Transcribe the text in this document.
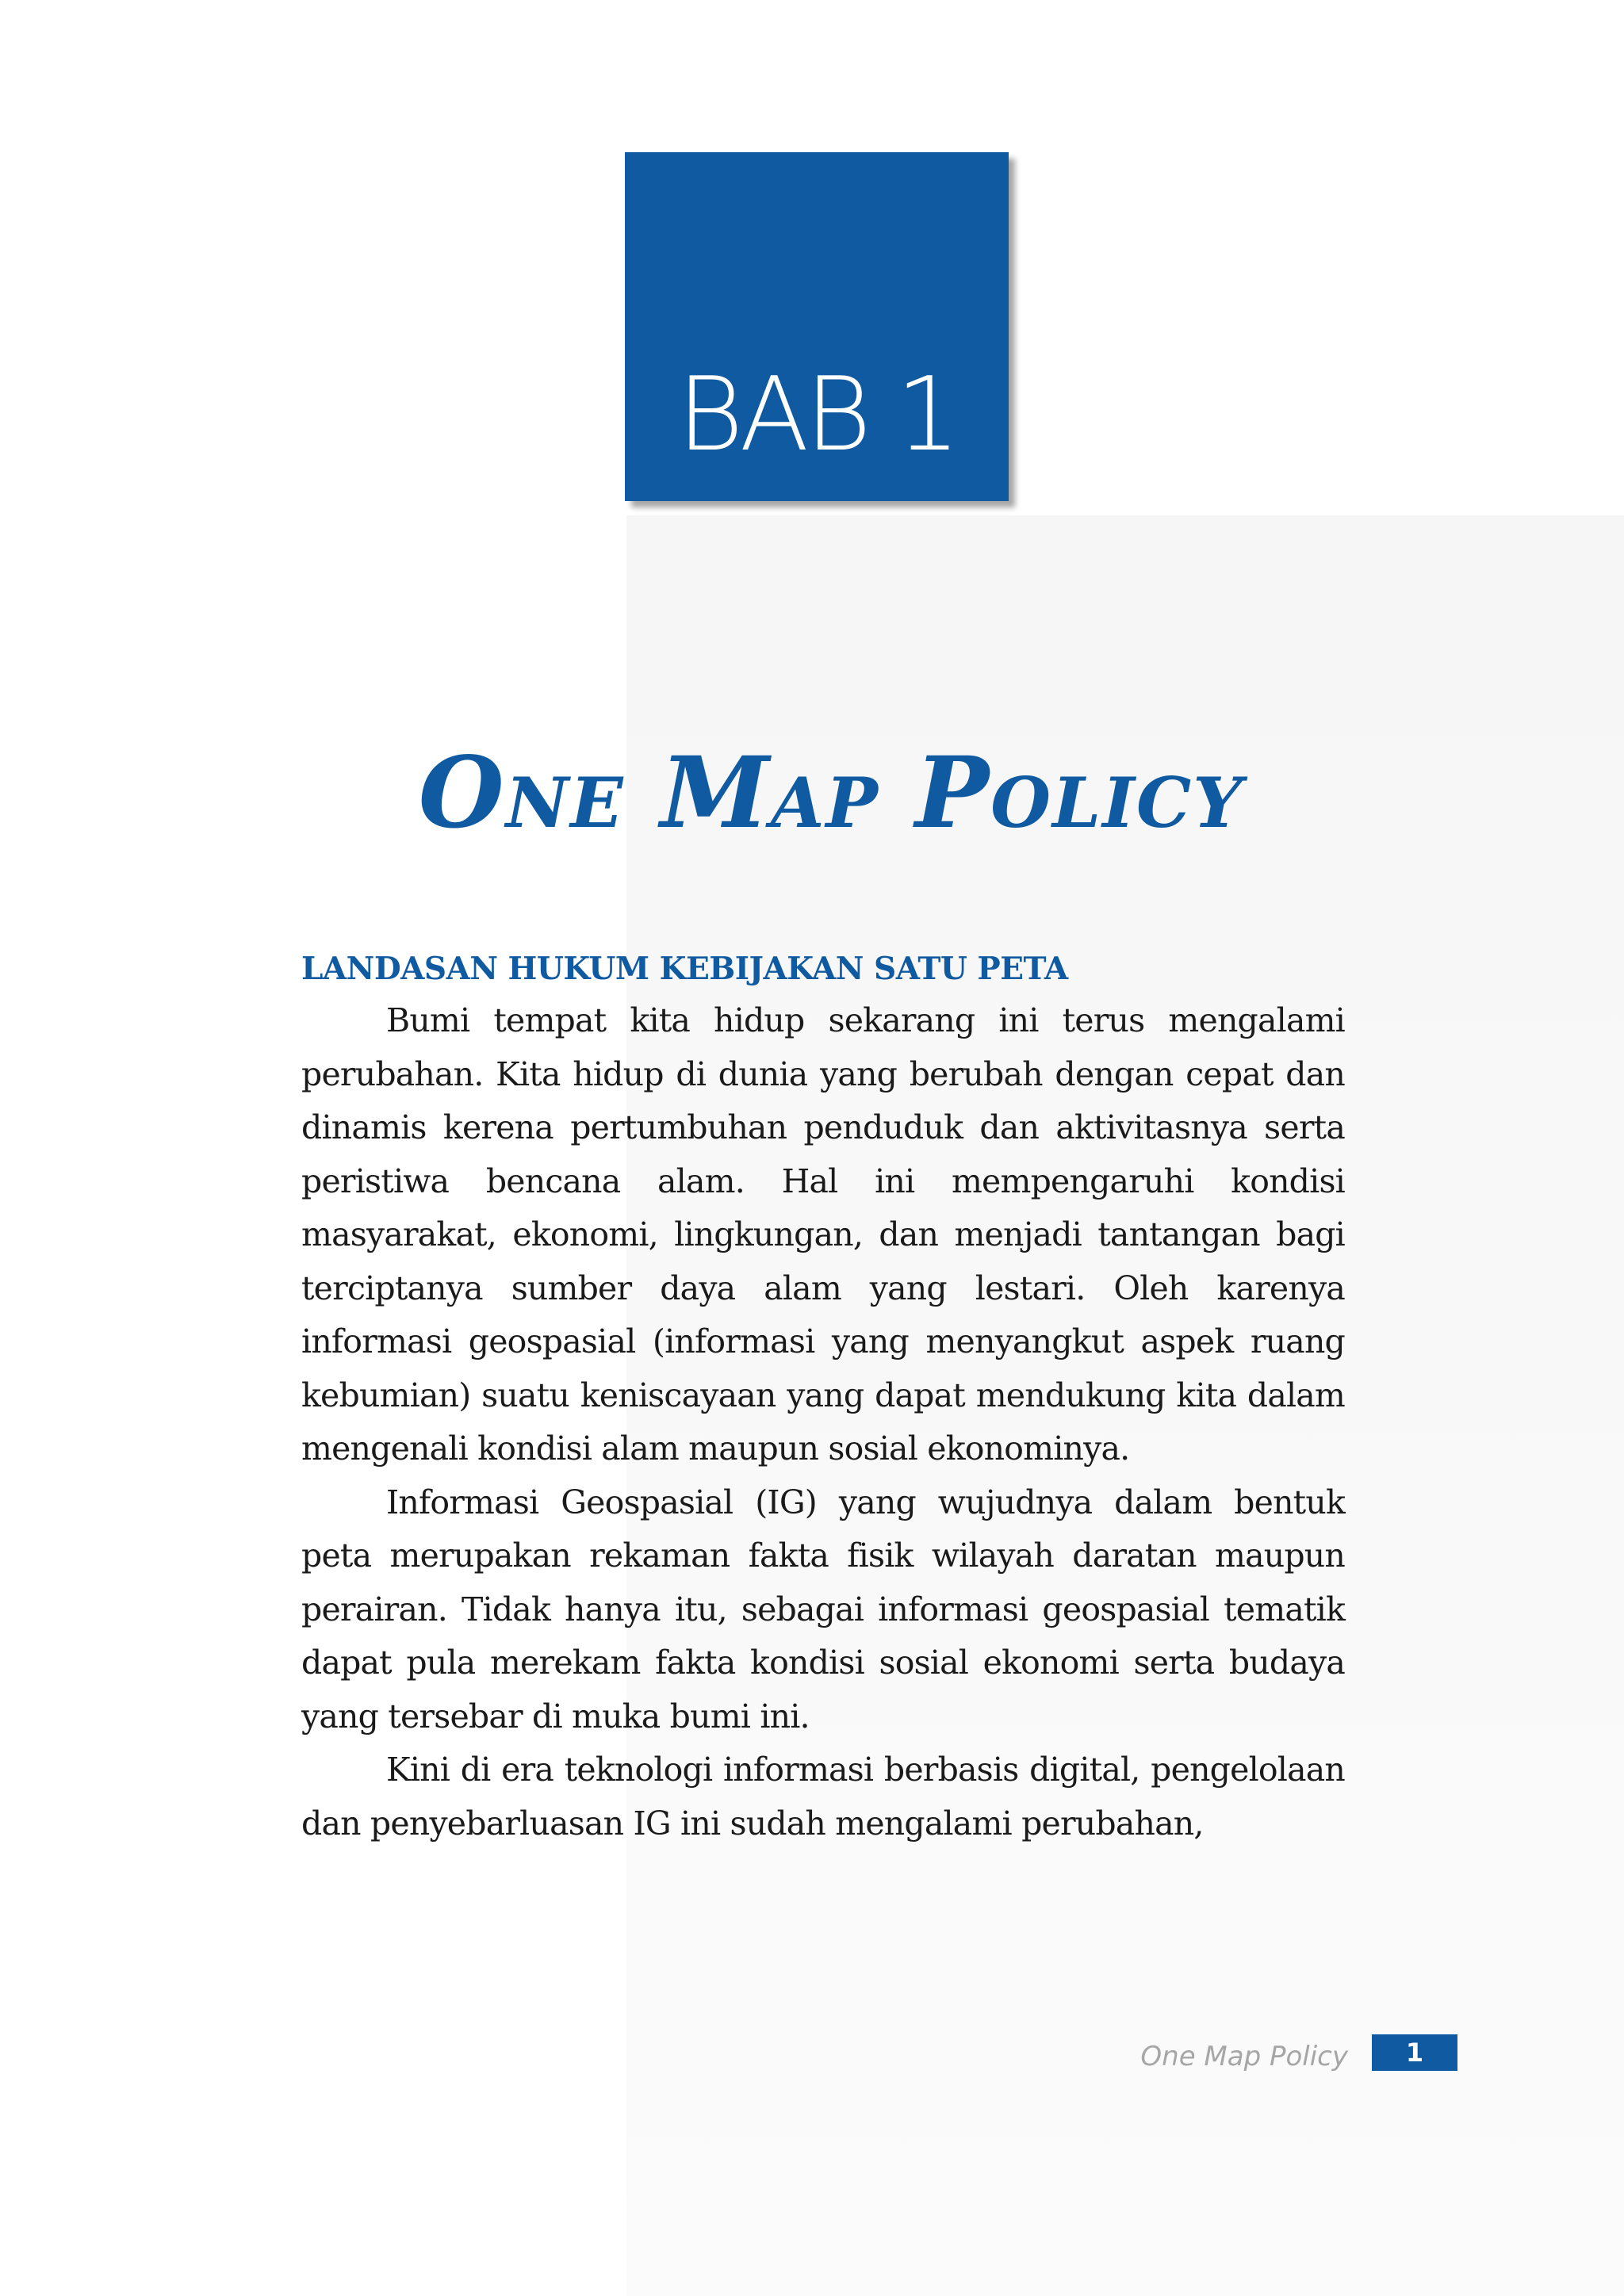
BAB 1
One Map Policy
LANDASAN HUKUM KEBIJAKAN SATU PETA

Bumi tempat kita hidup sekarang ini terus mengalami perubahan. Kita hidup di dunia yang berubah dengan cepat dan dinamis kerena pertumbuhan penduduk dan aktivitasnya serta peristiwa bencana alam. Hal ini mempengaruhi kondisi masyarakat, ekonomi, lingkungan, dan menjadi tantangan bagi terciptanya sumber daya alam yang lestari. Oleh karenya informasi geospasial (informasi yang menyangkut aspek ruang kebumian) suatu keniscayaan yang dapat mendukung kita dalam mengenali kondisi alam maupun sosial ekonominya.

Informasi Geospasial (IG) yang wujudnya dalam bentuk peta merupakan rekaman fakta fisik wilayah daratan maupun perairan. Tidak hanya itu, sebagai informasi geospasial tematik dapat pula merekam fakta kondisi sosial ekonomi serta budaya yang tersebar di muka bumi ini.

Kini di era teknologi informasi berbasis digital, pengelolaan dan penyebarluasan IG ini sudah mengalami perubahan,

One Map Policy	1
